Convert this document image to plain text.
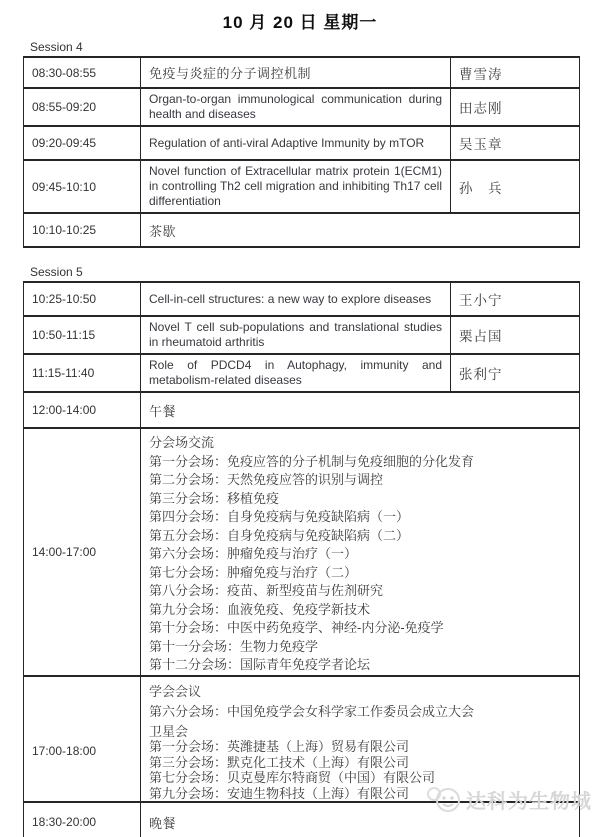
10 月 20 日 星期一
Session 4
08:30-08:55	免疫与炎症的分子调控机制	曹雪涛
08:55-09:20	Organ-to-organ immunological communication during health and diseases	田志刚
09:20-09:45	Regulation of anti-viral Adaptive Immunity by mTOR	吴玉章
09:45-10:10	Novel function of Extracellular matrix protein 1(ECM1) in controlling Th2 cell migration and inhibiting Th17 cell differentiation	孙　兵
10:10-10:25	茶歇	
Session 5
10:25-10:50	Cell-in-cell structures: a new way to explore diseases	王小宁
10:50-11:15	Novel T cell sub-populations and translational studies in rheumatoid arthritis	栗占国
11:15-11:40	Role of PDCD4 in Autophagy, immunity and metabolism-related diseases	张利宁
12:00-14:00	午餐	
14:00-17:00	
分会场交流
第一分会场：免疫应答的分子机制与免疫细胞的分化发育
第二分会场：天然免疫应答的识别与调控
第三分会场：移植免疫
第四分会场：自身免疫病与免疫缺陷病（一）
第五分会场：自身免疫病与免疫缺陷病（二）
第六分会场：肿瘤免疫与治疗（一）
第七分会场：肿瘤免疫与治疗（二）
第八分会场：疫苗、新型疫苗与佐剂研究
第九分会场：血液免疫、免疫学新技术
第十分会场：中医中药免疫学、神经-内分泌-免疫学
第十一分会场：生物力免疫学
第十二分会场：国际青年免疫学者论坛

17:00-18:00	
学会会议
第六分会场：中国免疫学会女科学家工作委员会成立大会
卫星会
第一分会场：英潍捷基（上海）贸易有限公司
第三分会场：默克化工技术（上海）有限公司
第七分会场：贝克曼库尔特商贸（中国）有限公司
第九分会场：安迪生物科技（上海）有限公司

18:30-20:00	晚餐	
达科为生物城
